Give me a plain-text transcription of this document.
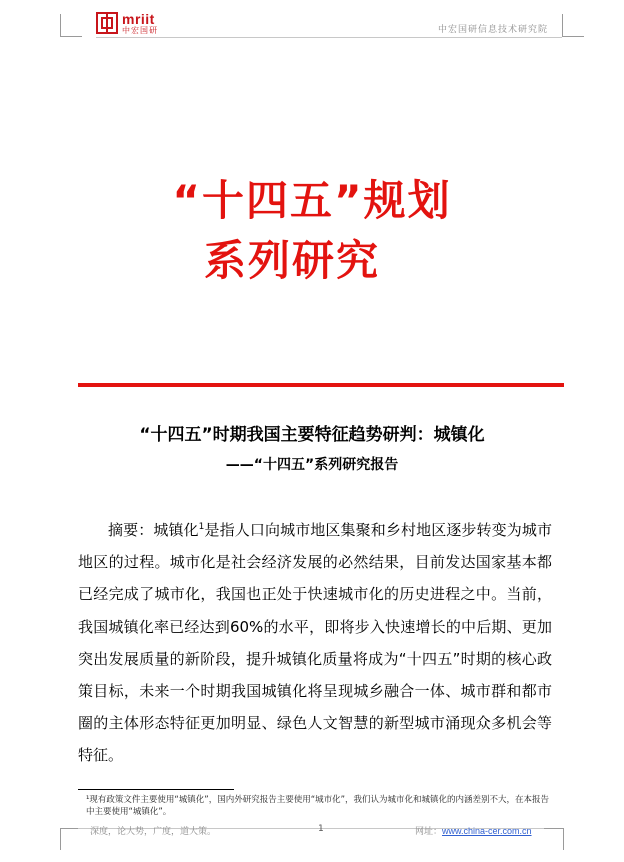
mriit
中宏国研	中宏国研信息技术研究院
“十四五”规划
系列研究
“十四五”时期我国主要特征趋势研判：城镇化
——“十四五”系列研究报告

摘要：城镇化$^1$是指人口向城市地区集聚和乡村地区逐步转变为城市地区的过程。城市化是社会经济发展的必然结果，目前发达国家基本都已经完成了城市化，我国也正处于快速城市化的历史进程之中。当前，我国城镇化率已经达到60%的水平，即将步入快速增长的中后期、更加突出发展质量的新阶段，提升城镇化质量将成为“十四五”时期的核心政策目标，未来一个时期我国城镇化将呈现城乡融合一体、城市群和都市圈的主体形态特征更加明显、绿色人文智慧的新型城市涌现众多机会等特征。

¹现有政策文件主要使用“城镇化”，国内外研究报告主要使用“城市化”，我们认为城市化和城镇化的内涵差别不大，在本报告中主要使用“城镇化”。
深度，论大势，广度，道大策。	1	网址：www.china-cer.com.cn
